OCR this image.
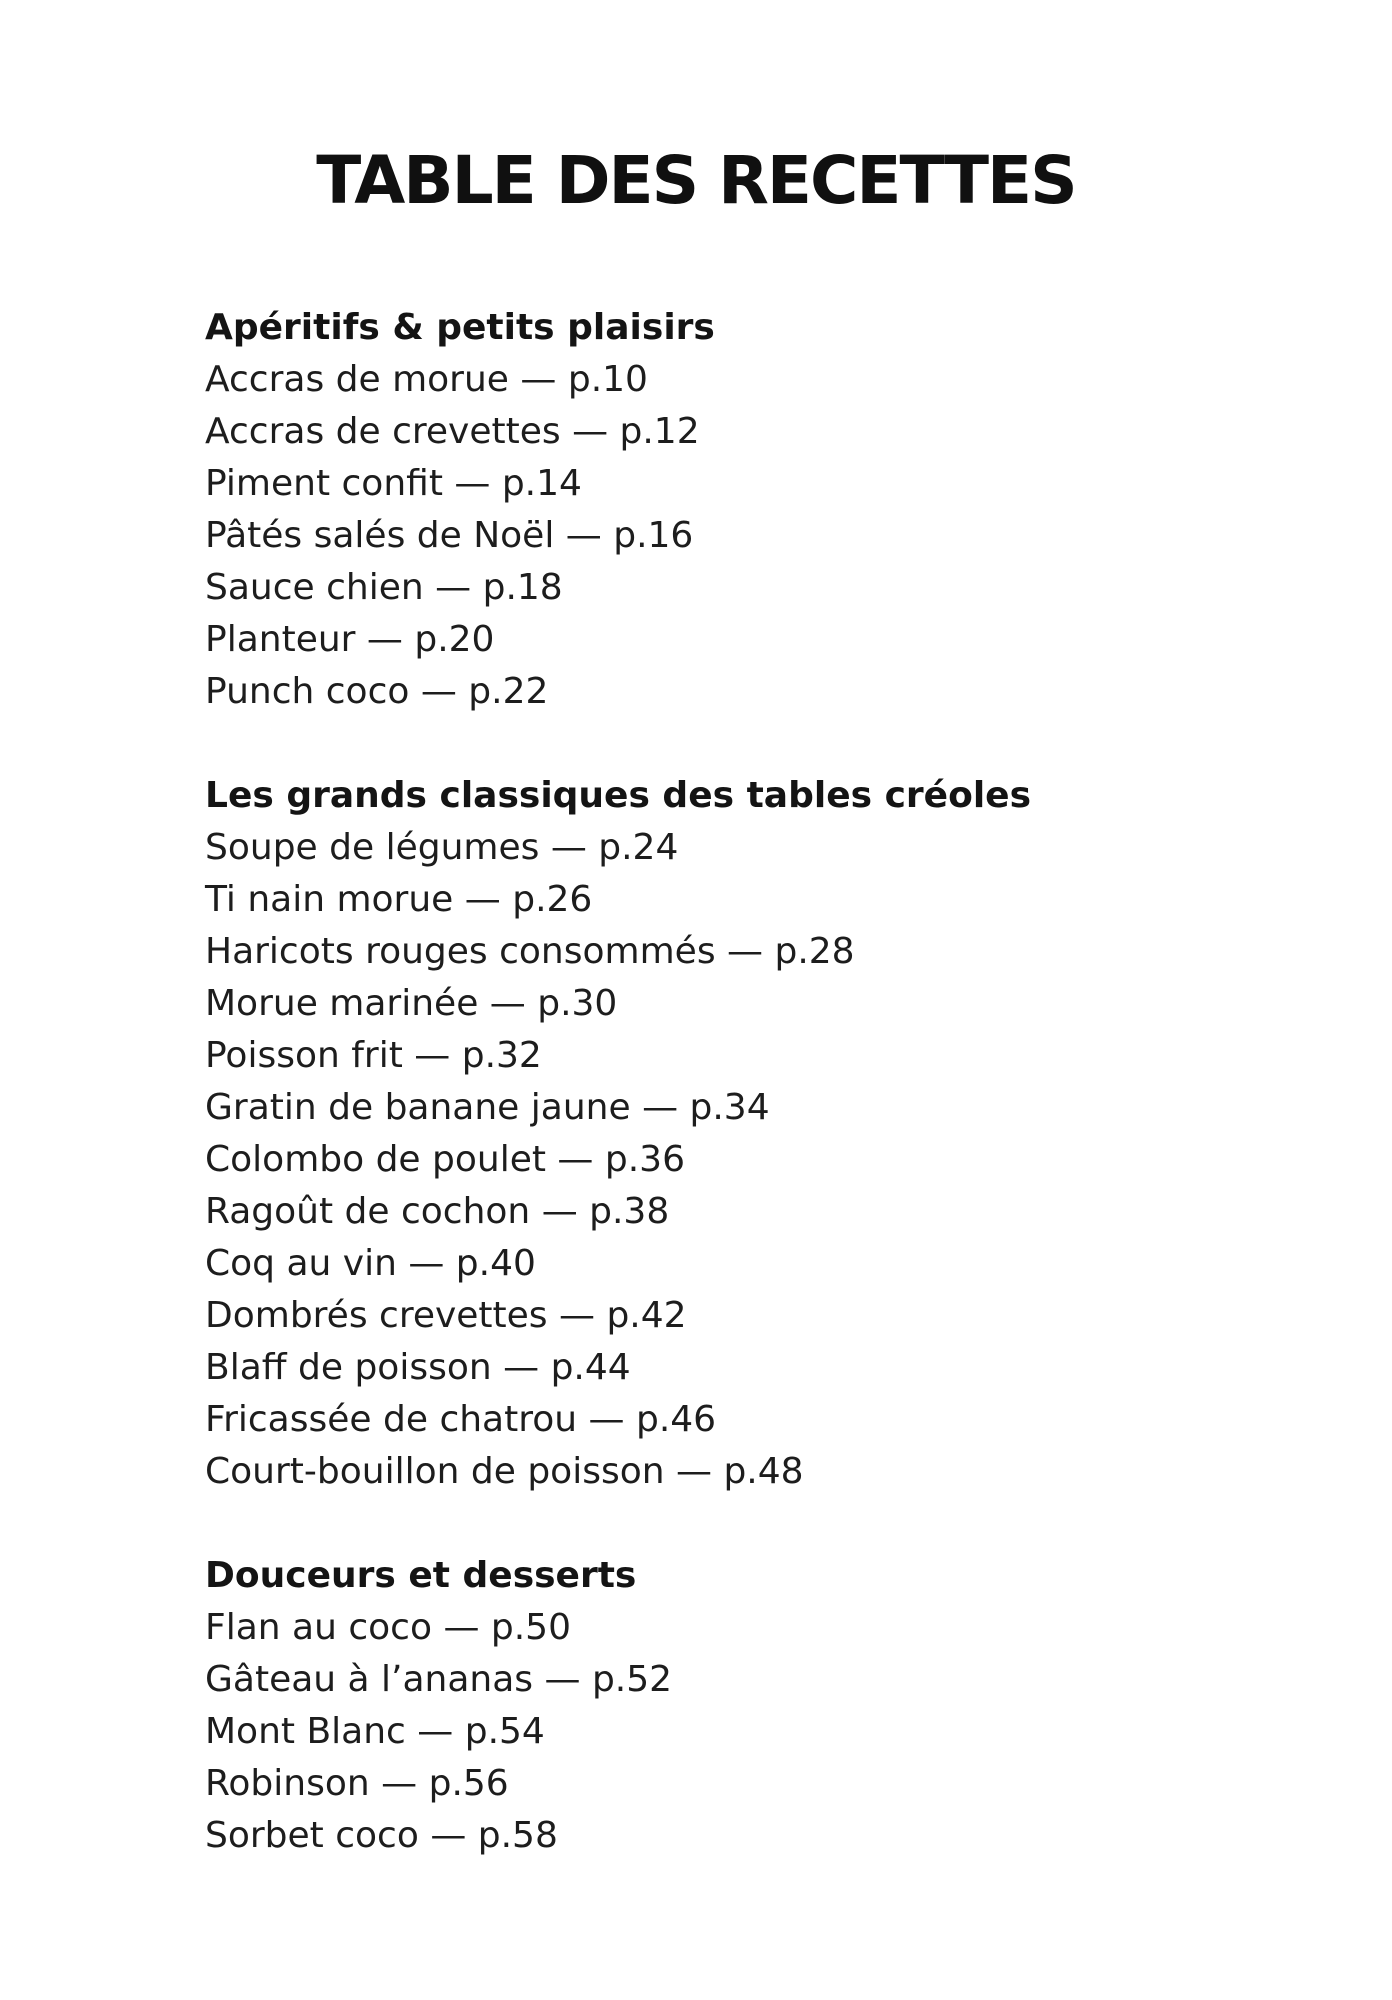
TABLE DES RECETTES
Apéritifs & petits plaisirs
Accras de morue — p.10
Accras de crevettes — p.12
Piment confit — p.14
Pâtés salés de Noël — p.16
Sauce chien — p.18
Planteur — p.20
Punch coco — p.22
Les grands classiques des tables créoles
Soupe de légumes — p.24
Ti nain morue — p.26
Haricots rouges consommés — p.28
Morue marinée — p.30
Poisson frit — p.32
Gratin de banane jaune — p.34
Colombo de poulet — p.36
Ragoût de cochon — p.38
Coq au vin — p.40
Dombrés crevettes — p.42
Blaff de poisson — p.44
Fricassée de chatrou — p.46
Court-bouillon de poisson — p.48
Douceurs et desserts
Flan au coco — p.50
Gâteau à l’ananas — p.52
Mont Blanc — p.54
Robinson — p.56
Sorbet coco — p.58
